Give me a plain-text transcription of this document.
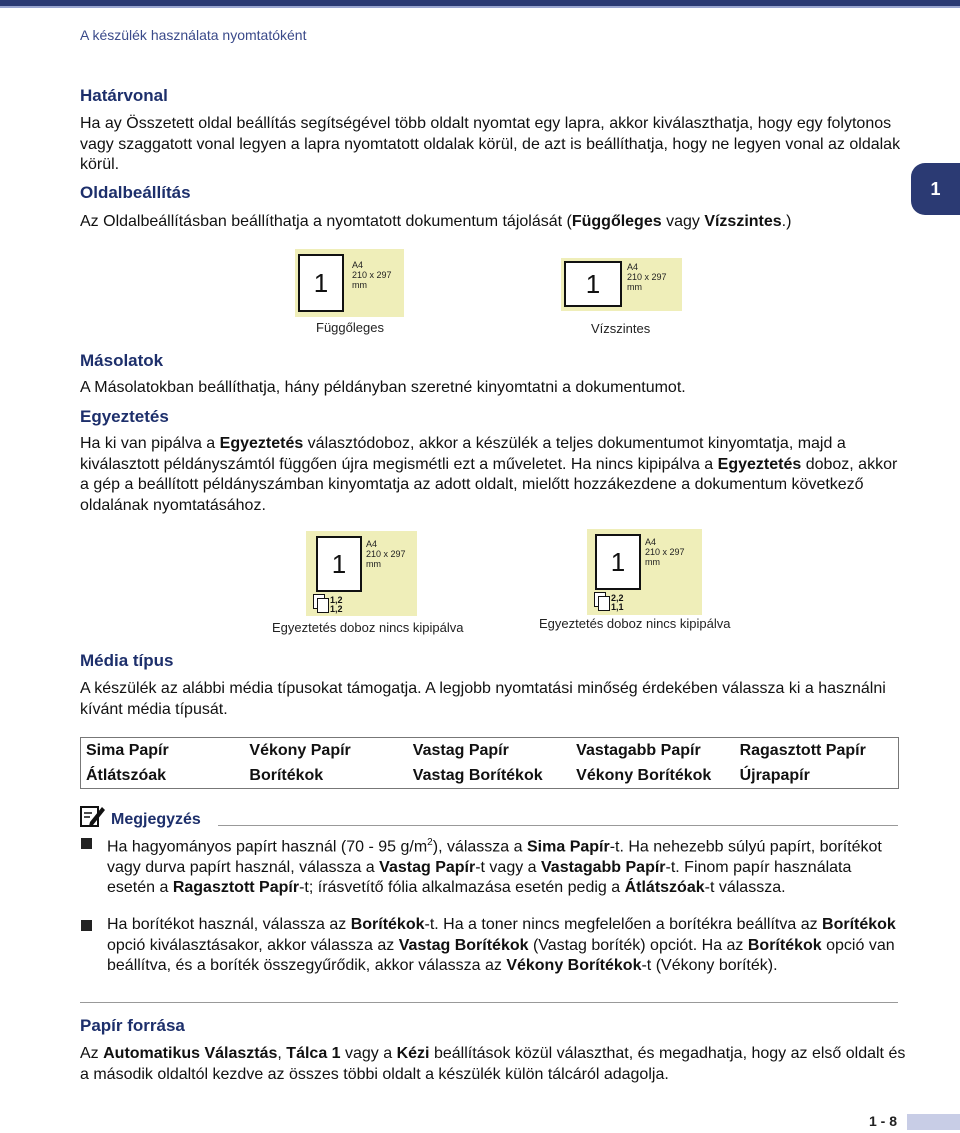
A készülék használata nyomtatóként
1
Határvonal
Ha ay Összetett oldal beállítás segítségével több oldalt nyomtat egy lapra, akkor kiválaszthatja, hogy egy folytonos vagy szaggatott vonal legyen a lapra nyomtatott oldalak körül, de azt is beállíthatja, hogy ne legyen vonal az oldalak körül.
Oldalbeállítás
Az Oldalbeállításban beállíthatja a nyomtatott dokumentum tájolását (Függőleges vagy Vízszintes.)
1
A4
210 x 297 mm
Függőleges
1
A4
210 x 297 mm
Vízszintes
Másolatok
A Másolatokban beállíthatja, hány példányban szeretné kinyomtatni a dokumentumot.
Egyeztetés
Ha ki van pipálva a Egyeztetés választódoboz, akkor a készülék a teljes dokumentumot kinyomtatja, majd a kiválasztott példányszámtól függően újra megismétli ezt a műveletet. Ha nincs kipipálva a Egyeztetés doboz, akkor a gép a beállított példányszámban kinyomtatja az adott oldalt, mielőtt hozzákezdene a dokumentum következő oldalának nyomtatásához.
1
A4
210 x 297 mm
1,2
1,2
Egyeztetés doboz nincs kipipálva
1
A4
210 x 297 mm
2,2
1,1
Egyeztetés doboz nincs kipipálva
Média típus
A készülék az alábbi média típusokat támogatja. A legjobb nyomtatási minőség érdekében válassza ki a használni kívánt média típusát.
Sima Papír	Vékony Papír	Vastag Papír	Vastagabb Papír	Ragasztott Papír
Átlátszóak	Borítékok	Vastag Borítékok	Vékony Borítékok	Újrapapír
Megjegyzés
Ha hagyományos papírt használ (70 - 95 $g/m^2$), válassza a Sima Papír-t. Ha nehezebb súlyú papírt, borítékot vagy durva papírt használ, válassza a Vastag Papír-t vagy a Vastagabb Papír-t. Finom papír használata esetén a Ragasztott Papír-t; írásvetítő fólia alkalmazása esetén pedig a Átlátszóak-t válassza.
Ha borítékot használ, válassza az Borítékok-t. Ha a toner nincs megfelelően a borítékra beállítva az Borítékok opció kiválasztásakor, akkor válassza az Vastag Borítékok (Vastag boríték) opciót. Ha az Borítékok opció van beállítva, és a boríték összegyűrődik, akkor válassza az Vékony Borítékok-t (Vékony boríték).
Papír forrása
Az Automatikus Választás, Tálca 1 vagy a Kézi beállítások közül választhat, és megadhatja, hogy az első oldalt és a második oldaltól kezdve az összes többi oldalt a készülék külön tálcáról adagolja.
1 - 8
